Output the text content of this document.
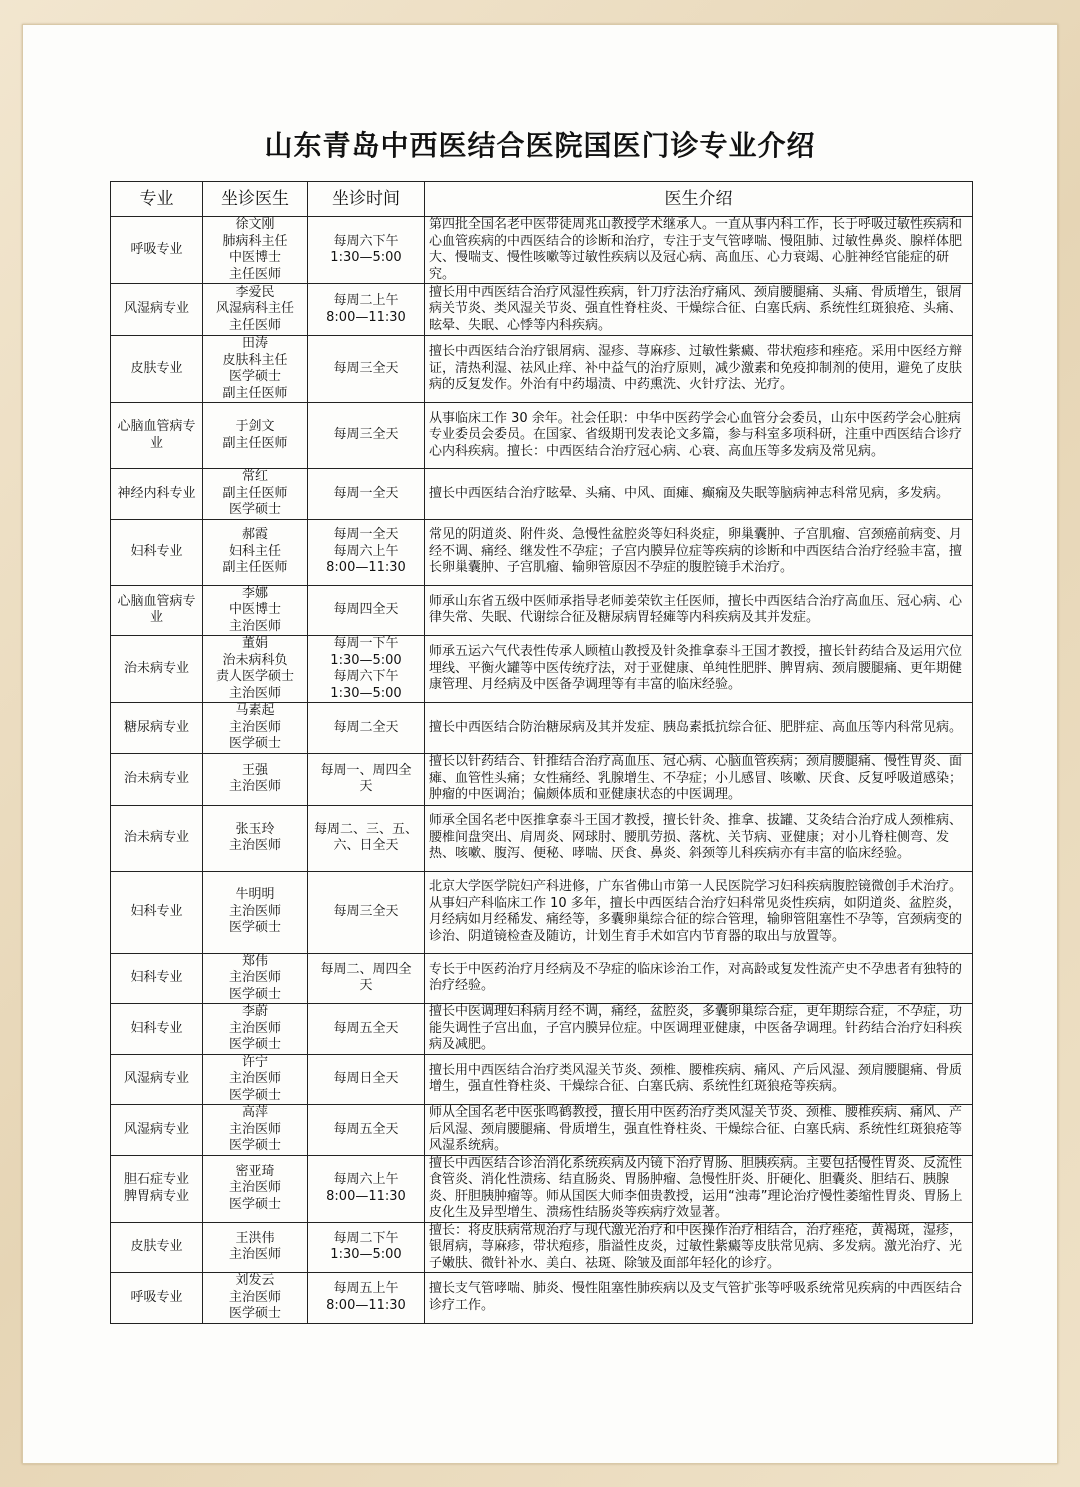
山东青岛中西医结合医院国医门诊专业介绍
专业	坐诊医生	坐诊时间	医生介绍

呼吸专业	徐文刚
肺病科主任
中医博士
主任医师	每周六下午
1:30—5:00	第四批全国名老中医带徒周兆山教授学术继承人。一直从事内科工作，长于呼吸过敏性疾病和心血管疾病的中西医结合的诊断和治疗，专注于支气管哮喘、慢阻肺、过敏性鼻炎、腺样体肥大、慢喘支、慢性咳嗽等过敏性疾病以及冠心病、高血压、心力衰竭、心脏神经官能症的研究。

风湿病专业	李爱民
风湿病科主任
主任医师	每周二上午
8:00—11:30	擅长用中西医结合治疗风湿性疾病，针刀疗法治疗痛风、颈肩腰腿痛、头痛、骨质增生，银屑病关节炎、类风湿关节炎、强直性脊柱炎、干燥综合征、白塞氏病、系统性红斑狼疮、头痛、眩晕、失眠、心悸等内科疾病。

皮肤专业	田涛
皮肤科主任
医学硕士
副主任医师	每周三全天	擅长中西医结合治疗银屑病、湿疹、荨麻疹、过敏性紫癜、带状疱疹和痤疮。采用中医经方辩证，清热利湿、祛风止痒、补中益气的治疗原则，减少激素和免疫抑制剂的使用，避免了皮肤病的反复发作。外治有中药塌渍、中药熏洗、火针疗法、光疗。

心脑血管病专业	于剑文
副主任医师	每周三全天	从事临床工作 30 余年。社会任职：中华中医药学会心血管分会委员，山东中医药学会心脏病专业委员会委员。在国家、省级期刊发表论文多篇，参与科室多项科研，注重中西医结合诊疗心内科疾病。擅长：中西医结合治疗冠心病、心衰、高血压等多发病及常见病。

神经内科专业	常红
副主任医师
医学硕士	每周一全天	擅长中西医结合治疗眩晕、头痛、中风、面瘫、癫痫及失眠等脑病神志科常见病，多发病。

妇科专业	郝霞
妇科主任
副主任医师	每周一全天
每周六上午
8:00—11:30	常见的阴道炎、附件炎、急慢性盆腔炎等妇科炎症，卵巢囊肿、子宫肌瘤、宫颈癌前病变、月经不调、痛经、继发性不孕症；子宫内膜异位症等疾病的诊断和中西医结合治疗经验丰富，擅长卵巢囊肿、子宫肌瘤、输卵管原因不孕症的腹腔镜手术治疗。

心脑血管病专业	李娜
中医博士
主治医师	每周四全天	师承山东省五级中医师承指导老师姜荣钦主任医师，擅长中西医结合治疗高血压、冠心病、心律失常、失眠、代谢综合征及糖尿病胃轻瘫等内科疾病及其并发症。

治未病专业	董娟
治未病科负
责人医学硕士
主治医师	每周一下午
1:30—5:00
每周六下午
1:30—5:00	师承五运六气代表性传承人顾植山教授及针灸推拿泰斗王国才教授，擅长针药结合及运用穴位埋线、平衡火罐等中医传统疗法，对于亚健康、单纯性肥胖、脾胃病、颈肩腰腿痛、更年期健康管理、月经病及中医备孕调理等有丰富的临床经验。

糖尿病专业	马素起
主治医师
医学硕士	每周二全天	擅长中西医结合防治糖尿病及其并发症、胰岛素抵抗综合征、肥胖症、高血压等内科常见病。

治未病专业	王强
主治医师	每周一、周四全
天	擅长以针药结合、针推结合治疗高血压、冠心病、心脑血管疾病；颈肩腰腿痛、慢性胃炎、面瘫、血管性头痛；女性痛经、乳腺增生、不孕症；小儿感冒、咳嗽、厌食、反复呼吸道感染；肿瘤的中医调治；偏颇体质和亚健康状态的中医调理。

治未病专业	张玉玲
主治医师	每周二、三、五、
六、日全天	师承全国名老中医推拿泰斗王国才教授，擅长针灸、推拿、拔罐、艾灸结合治疗成人颈椎病、腰椎间盘突出、肩周炎、网球肘、腰肌劳损、落枕、关节病、亚健康；对小儿脊柱侧弯、发热、咳嗽、腹泻、便秘、哮喘、厌食、鼻炎、斜颈等儿科疾病亦有丰富的临床经验。

妇科专业	牛明明
主治医师
医学硕士	每周三全天	北京大学医学院妇产科进修，广东省佛山市第一人民医院学习妇科疾病腹腔镜微创手术治疗。从事妇产科临床工作 10 多年，擅长中西医结合治疗妇科常见炎性疾病，如阴道炎、盆腔炎，月经病如月经稀发、痛经等，多囊卵巢综合征的综合管理，输卵管阻塞性不孕等，宫颈病变的诊治、阴道镜检查及随访，计划生育手术如宫内节育器的取出与放置等。

妇科专业	郑伟
主治医师
医学硕士	每周二、周四全
天	专长于中医药治疗月经病及不孕症的临床诊治工作，对高龄或复发性流产史不孕患者有独特的治疗经验。

妇科专业	李蔚
主治医师
医学硕士	每周五全天	擅长中医调理妇科病月经不调，痛经，盆腔炎，多囊卵巢综合症，更年期综合症，不孕症，功能失调性子宫出血，子宫内膜异位症。中医调理亚健康，中医备孕调理。针药结合治疗妇科疾病及减肥。

风湿病专业	许宁
主治医师
医学硕士	每周日全天	擅长用中西医结合治疗类风湿关节炎、颈椎、腰椎疾病、痛风、产后风湿、颈肩腰腿痛、骨质增生，强直性脊柱炎、干燥综合征、白塞氏病、系统性红斑狼疮等疾病。

风湿病专业	高萍
主治医师
医学硕士	每周五全天	师从全国名老中医张鸣鹤教授，擅长用中医药治疗类风湿关节炎、颈椎、腰椎疾病、痛风、产后风湿、颈肩腰腿痛、骨质增生，强直性脊柱炎、干燥综合征、白塞氏病、系统性红斑狼疮等风湿系统病。

胆石症专业
脾胃病专业	密亚琦
主治医师
医学硕士	每周六上午
8:00—11:30	擅长中西医结合诊治消化系统疾病及内镜下治疗胃肠、胆胰疾病。主要包括慢性胃炎、反流性食管炎、消化性溃疡、结直肠炎、胃肠肿瘤、急慢性肝炎、肝硬化、胆囊炎、胆结石、胰腺炎、肝胆胰肿瘤等。师从国医大师李佃贵教授，运用“浊毒”理论治疗慢性萎缩性胃炎、胃肠上皮化生及异型增生、溃疡性结肠炎等疾病疗效显著。

皮肤专业	王洪伟
主治医师	每周二下午
1:30—5:00	擅长：将皮肤病常规治疗与现代激光治疗和中医操作治疗相结合，治疗痤疮，黄褐斑，湿疹，银屑病，荨麻疹，带状疱疹，脂溢性皮炎，过敏性紫癜等皮肤常见病、多发病。激光治疗、光子嫩肤、微针补水、美白、祛斑、除皱及面部年轻化的诊疗。

呼吸专业	刘发云
主治医师
医学硕士	每周五上午
8:00—11:30	擅长支气管哮喘、肺炎、慢性阻塞性肺疾病以及支气管扩张等呼吸系统常见疾病的中西医结合诊疗工作。
